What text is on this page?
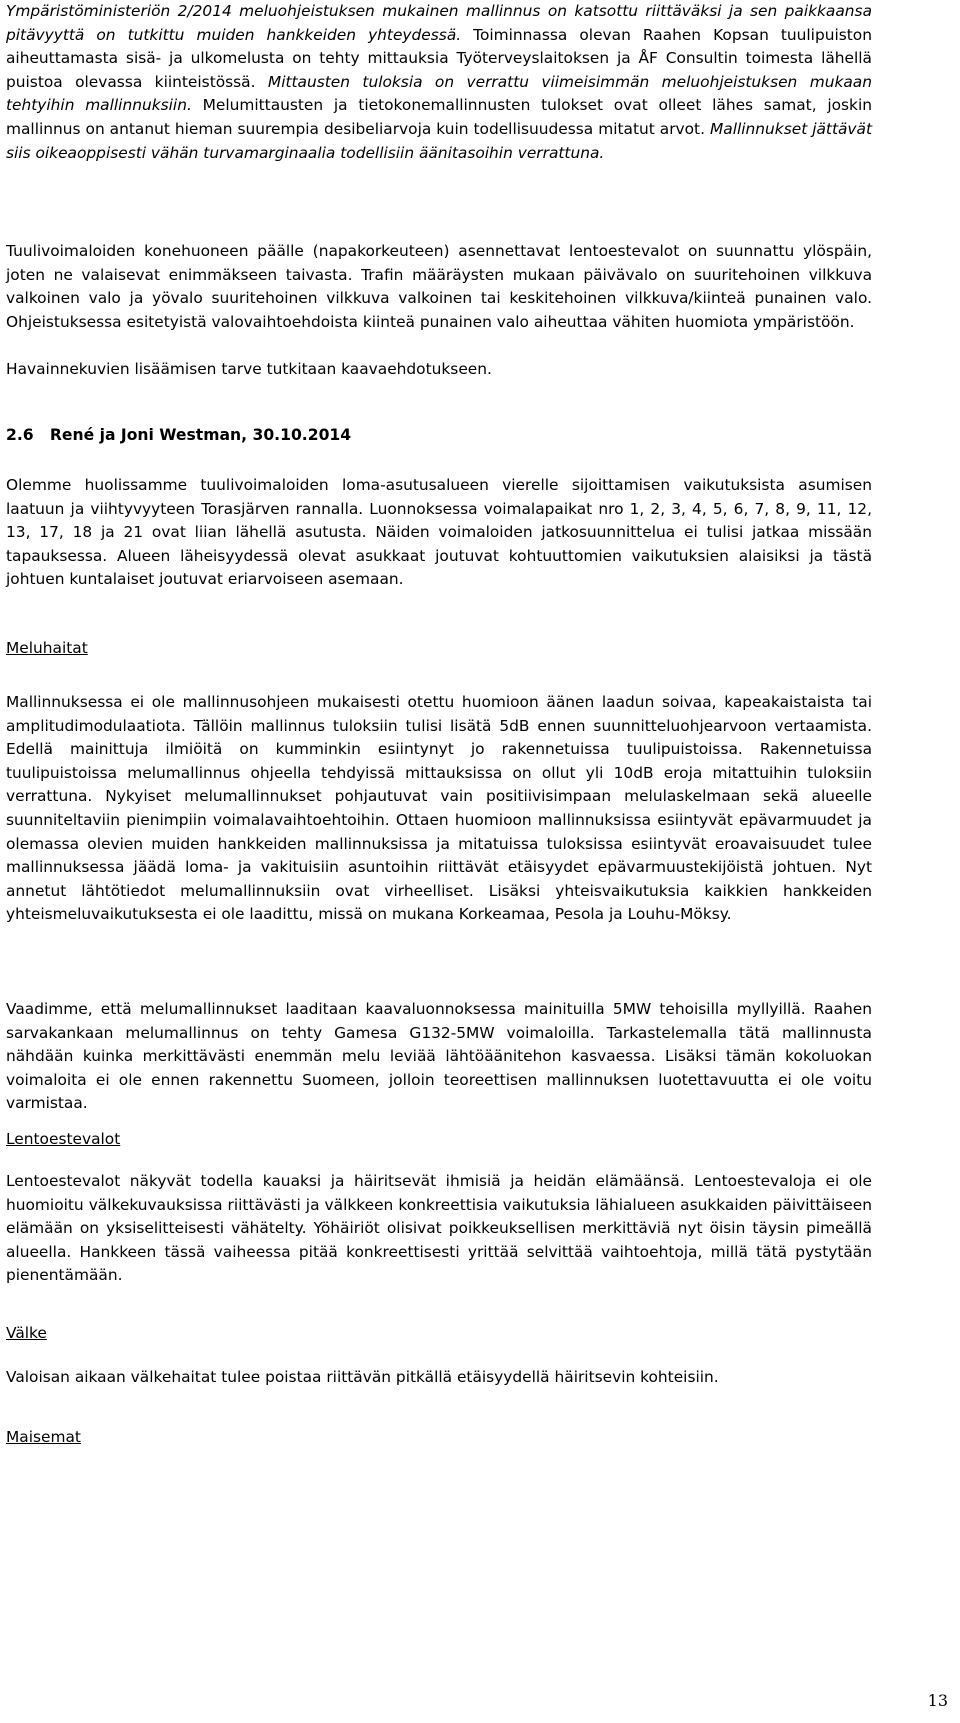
Ympäristöministeriön 2/2014 meluohjeistuksen mukainen mallinnus on katsottu riittäväksi ja sen paikkaansa pitävyyttä on tutkittu muiden hankkeiden yhteydessä. Toiminnassa olevan Raahen Kopsan tuulipuiston aiheuttamasta sisä- ja ulkomelusta on tehty mittauksia Työterveyslaitoksen ja ÅF Consultin toimesta lähellä puistoa olevassa kiinteistössä. Mittausten tuloksia on verrattu viimeisimmän meluohjeistuksen mukaan tehtyihin mallinnuksiin. Melumittausten ja tietokonemallinnusten tulokset ovat olleet lähes samat, joskin mallinnus on antanut hieman suurempia desibeliarvoja kuin todellisuudessa mitatut arvot. Mallinnukset jättävät siis oikeaoppisesti vähän turvamarginaalia todellisiin äänitasoihin verrattuna.

Tuulivoimaloiden konehuoneen päälle (napakorkeuteen) asennettavat lentoestevalot on suunnattu ylöspäin, joten ne valaisevat enimmäkseen taivasta. Trafin määräysten mukaan päivävalo on suuritehoinen vilkkuva valkoinen valo ja yövalo suuritehoinen vilkkuva valkoinen tai keskitehoinen vilkkuva/kiinteä punainen valo. Ohjeistuksessa esitetyistä valovaihtoehdoista kiinteä punainen valo aiheuttaa vähiten huomiota ympäristöön.

Havainnekuvien lisäämisen tarve tutkitaan kaavaehdotukseen.

2.6   René ja Joni Westman, 30.10.2014

Olemme huolissamme tuulivoimaloiden loma-asutusalueen vierelle sijoittamisen vaikutuksista asumisen laatuun ja viihtyvyyteen Torasjärven rannalla. Luonnoksessa voimalapaikat nro 1, 2, 3, 4, 5, 6, 7, 8, 9, 11, 12, 13, 17, 18 ja 21 ovat liian lähellä asutusta. Näiden voimaloiden jatkosuunnittelua ei tulisi jatkaa missään tapauksessa. Alueen läheisyydessä olevat asukkaat joutuvat kohtuuttomien vaikutuksien alaisiksi ja tästä johtuen kuntalaiset joutuvat eriarvoiseen asemaan.

Meluhaitat

Mallinnuksessa ei ole mallinnusohjeen mukaisesti otettu huomioon äänen laadun soivaa, kapeakaistaista tai amplitudimodulaatiota. Tällöin mallinnus tuloksiin tulisi lisätä 5dB ennen suunnitteluohjearvoon vertaamista. Edellä mainittuja ilmiöitä on kumminkin esiintynyt jo rakennetuissa tuulipuistoissa. Rakennetuissa tuulipuistoissa melumallinnus ohjeella tehdyissä mittauksissa on ollut yli 10dB eroja mitattuihin tuloksiin verrattuna. Nykyiset melumallinnukset pohjautuvat vain positiivisimpaan melulaskelmaan sekä alueelle suunniteltaviin pienimpiin voimalavaihtoehtoihin. Ottaen huomioon mallinnuksissa esiintyvät epävarmuudet ja olemassa olevien muiden hankkeiden mallinnuksissa ja mitatuissa tuloksissa esiintyvät eroavaisuudet tulee mallinnuksessa jäädä loma- ja vakituisiin asuntoihin riittävät etäisyydet epävarmuustekijöistä johtuen. Nyt annetut lähtötiedot melumallinnuksiin ovat virheelliset. Lisäksi yhteisvaikutuksia kaikkien hankkeiden yhteismeluvaikutuksesta ei ole laadittu, missä on mukana Korkeamaa, Pesola ja Louhu-Möksy.

Vaadimme, että melumallinnukset laaditaan kaavaluonnoksessa mainituilla 5MW tehoisilla myllyillä. Raahen sarvakankaan melumallinnus on tehty Gamesa G132-5MW voimaloilla. Tarkastelemalla tätä mallinnusta nähdään kuinka merkittävästi enemmän melu leviää lähtöäänitehon kasvaessa. Lisäksi tämän kokoluokan voimaloita ei ole ennen rakennettu Suomeen, jolloin teoreettisen mallinnuksen luotettavuutta ei ole voitu varmistaa.

Lentoestevalot

Lentoestevalot näkyvät todella kauaksi ja häiritsevät ihmisiä ja heidän elämäänsä. Lentoestevaloja ei ole huomioitu välkekuvauksissa riittävästi ja välkkeen konkreettisia vaikutuksia lähialueen asukkaiden päivittäiseen elämään on yksiselitteisesti vähätelty. Yöhäiriöt olisivat poikkeuksellisen merkittäviä nyt öisin täysin pimeällä alueella. Hankkeen tässä vaiheessa pitää konkreettisesti yrittää selvittää vaihtoehtoja, millä tätä pystytään pienentämään.

Välke

Valoisan aikaan välkehaitat tulee poistaa riittävän pitkällä etäisyydellä häiritsevin kohteisiin.

Maisemat

13
